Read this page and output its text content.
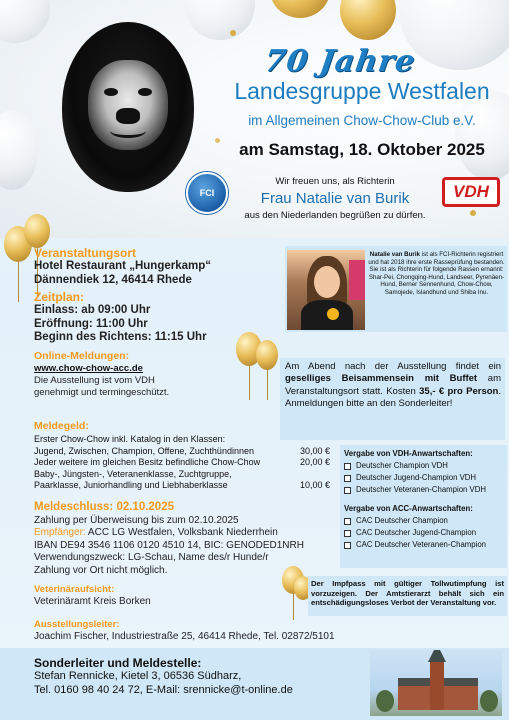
70 Jahre
Landesgruppe Westfalen
im Allgemeinen Chow-Chow-Club e.V.
am Samstag, 18. Oktober 2025
FCI	VDH
Wir freuen uns, als Richterin
Frau Natalie van Burik
aus den Niederlanden begrüßen zu dürfen.
Veranstaltungsort
Hotel Restaurant „Hungerkamp“
Dännendiek 12, 46414 Rhede
Zeitplan:
Einlass: ab 09:00 Uhr
Eröffnung: 11:00 Uhr
Beginn des Richtens: 11:15 Uhr
Online-Meldungen:
www.chow-chow-acc.de
Die Ausstellung ist vom VDH
genehmigt und termingeschützt.
Natalie van Burik ist als FCI-Richterin registriert und hat 2018 ihre erste Rasseprüfung bestanden.
Sie ist als Richterin für folgende Rassen ernannt: Shar-Pei, Chongqing-Hund, Landseer, Pyrenäen-Hund, Berner Sennenhund, Chow-Chow, Samojede, Islandhund und Shiba Inu.
Am Abend nach der Ausstellung findet ein geselliges Beisammensein mit Buffet am Veranstaltungsort statt. Kosten 35,- € pro Person. Anmeldungen bitte an den Sonderleiter!
Meldegeld:
Erster Chow-Chow inkl. Katalog in den Klassen:
Jugend, Zwischen, Champion, Offene, Zuchthündinnen	30,00 €
Jeder weitere im gleichen Besitz befindliche Chow-Chow	20,00 €
Baby-, Jüngsten-, Veteranenklasse, Zuchtgruppe,
Paarklasse, Juniorhandling und Liebhaberklasse	10,00 €
Vergabe von VDH-Anwartschaften:
Deutscher Champion VDH
Deutscher Jugend-Champion VDH
Deutscher Veteranen-Champion VDH
Vergabe von ACC-Anwartschaften:
CAC Deutscher Champion
CAC Deutscher Jugend-Champion
CAC Deutscher Veteranen-Champion
Meldeschluss: 02.10.2025
Zahlung per Überweisung bis zum 02.10.2025
Empfänger: ACC LG Westfalen, Volksbank Niederrhein
IBAN DE94 3546 1106 0120 4510 14, BIC: GENODED1NRH
Verwendungszweck: LG-Schau, Name des/r Hunde/r
Zahlung vor Ort nicht möglich.
Der Impfpass mit gültiger Tollwutimpfung ist vorzuzeigen. Der Amtstierarzt behält sich ein entschädigungsloses Verbot der Veranstaltung vor.
Veterinäraufsicht:
Veterinäramt Kreis Borken
Ausstellungsleiter:
Joachim Fischer, Industriestraße 25, 46414 Rhede, Tel. 02872/5101
Sonderleiter und Meldestelle:
Stefan Rennicke, Kietel 3, 06536 Südharz,
Tel. 0160 98 40 24 72, E-Mail: srennicke@t-online.de
